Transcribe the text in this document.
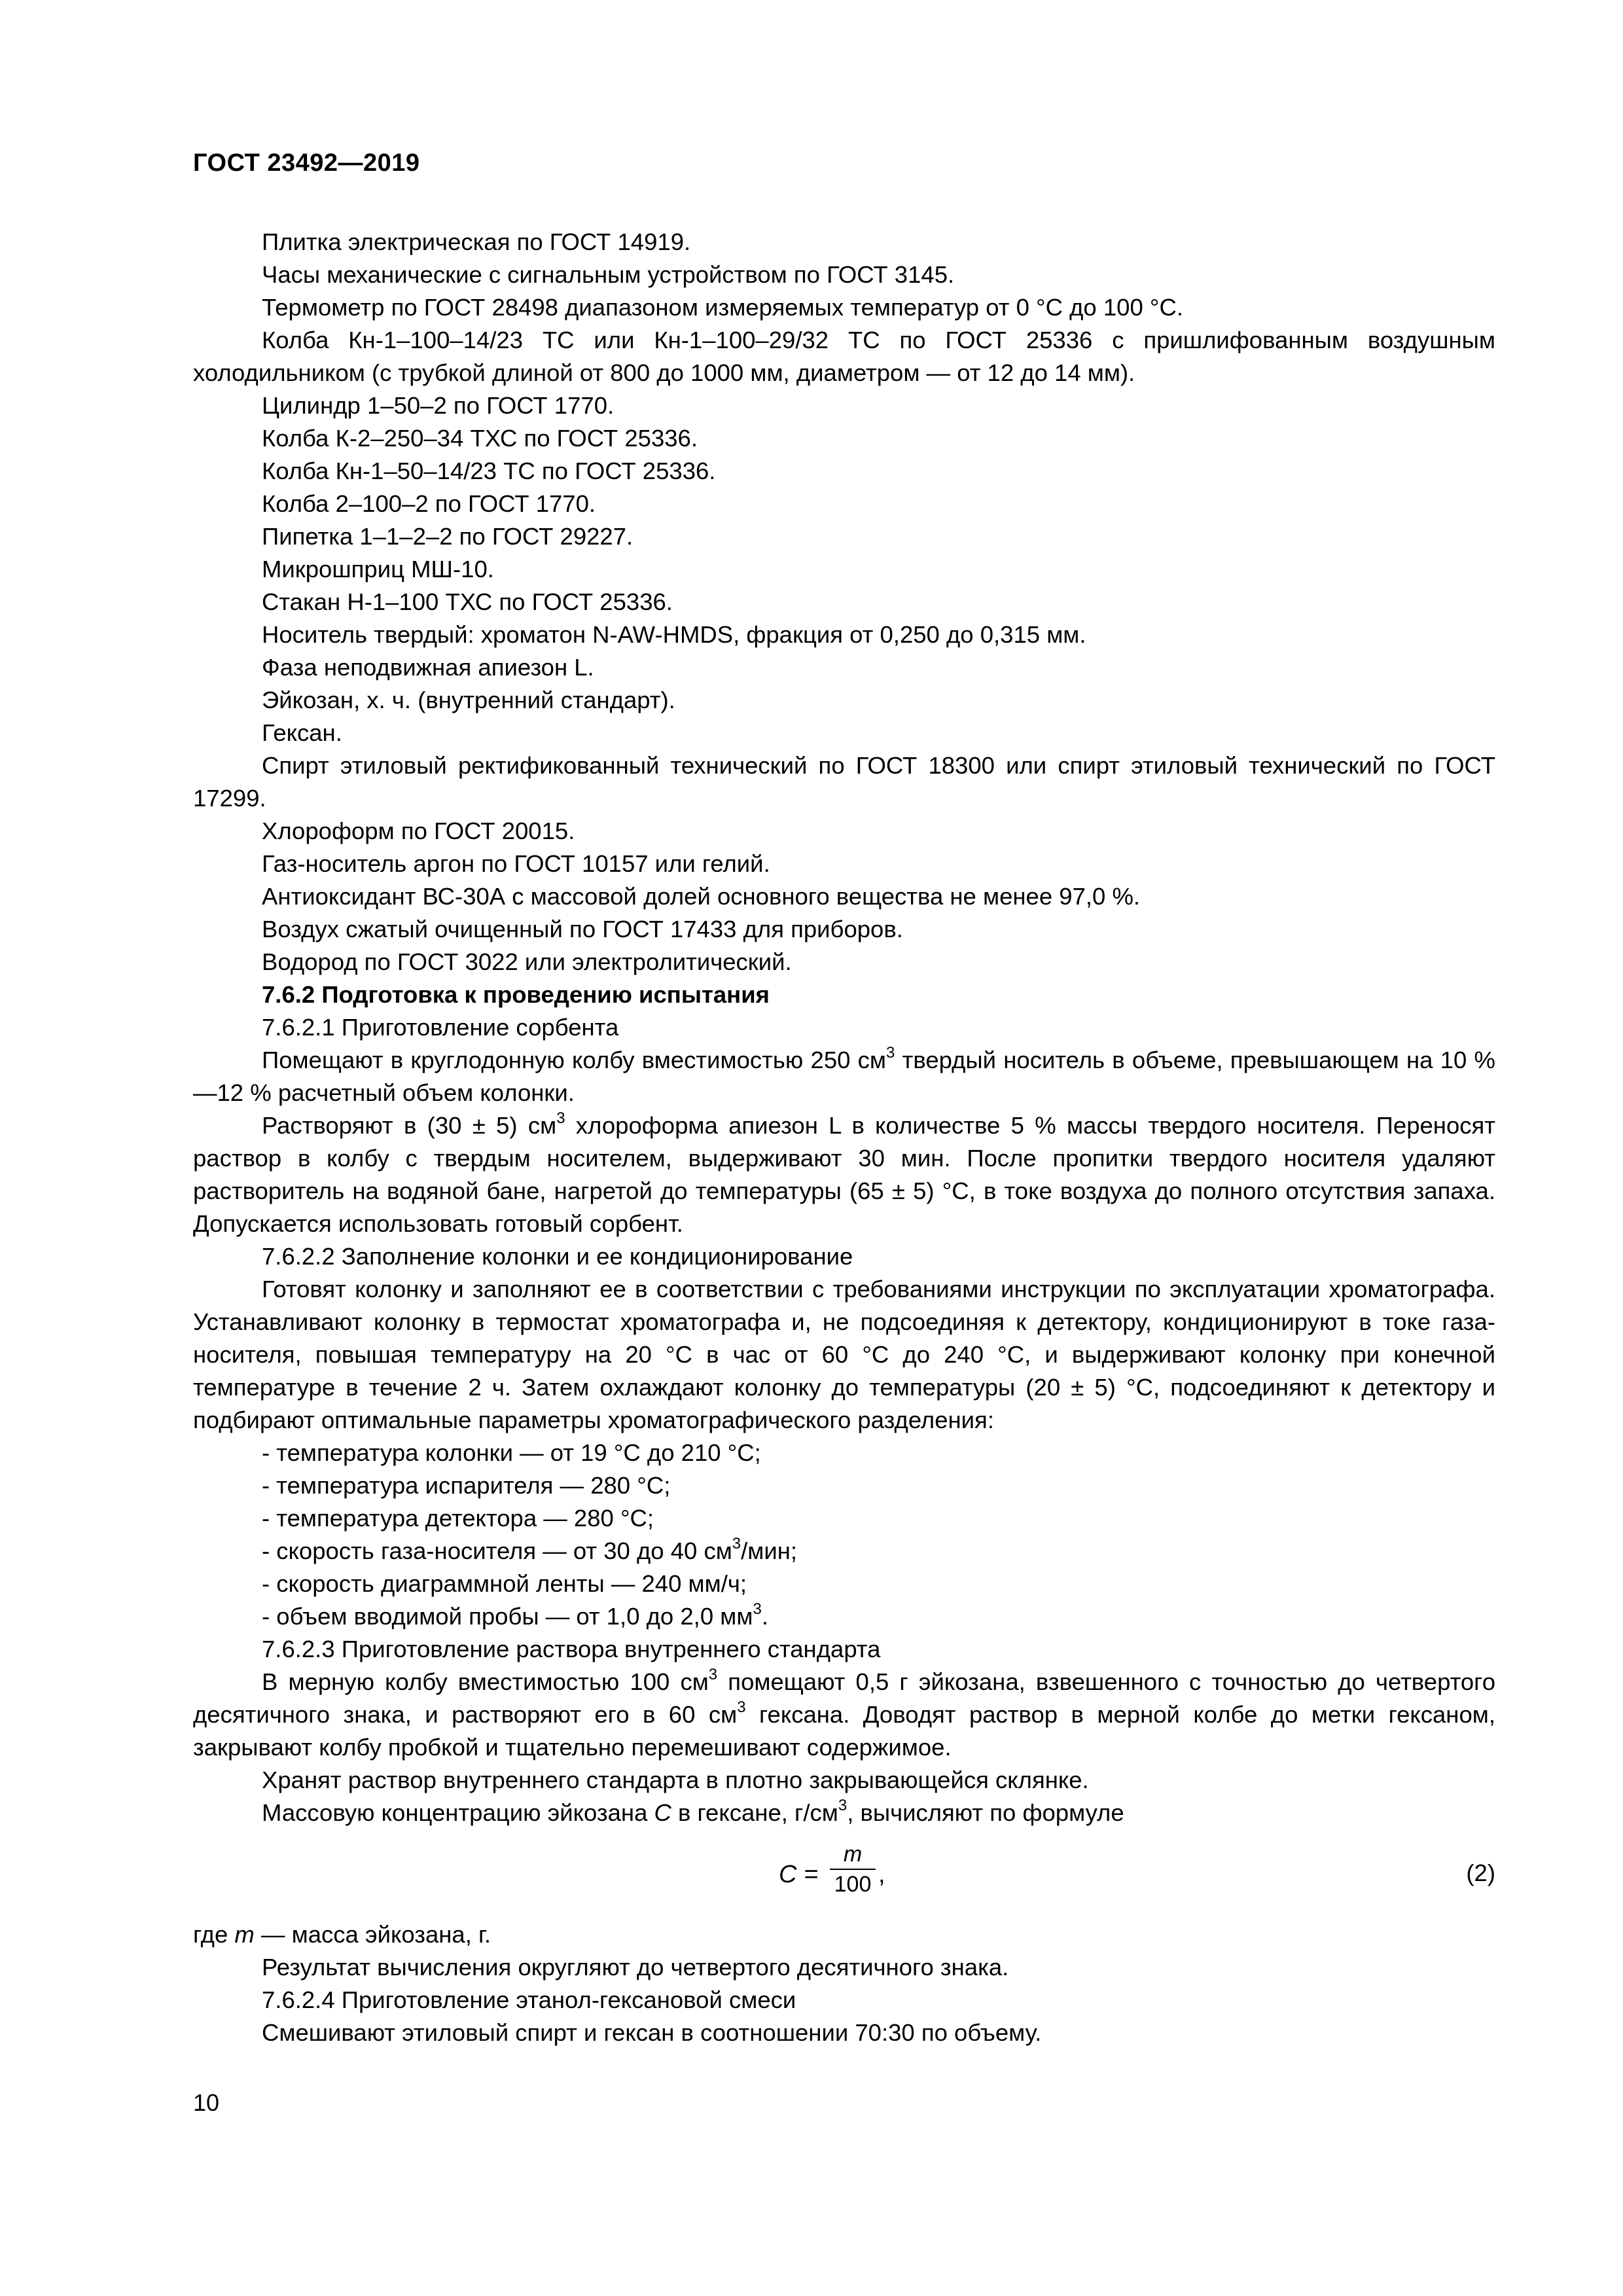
ГОСТ 23492—2019

Плитка электрическая по ГОСТ 14919.

Часы механические с сигнальным устройством по ГОСТ 3145.

Термометр по ГОСТ 28498 диапазоном измеряемых температур от 0 °С до 100 °С.

Колба Кн-1–100–14/23 ТС или Кн-1–100–29/32 ТС по ГОСТ 25336 с пришлифованным воздушным холодильником (с трубкой длиной от 800 до 1000 мм, диаметром — от 12 до 14 мм).

Цилиндр 1–50–2 по ГОСТ 1770.

Колба К-2–250–34 ТХС по ГОСТ 25336.

Колба Кн-1–50–14/23 ТС по ГОСТ 25336.

Колба 2–100–2 по ГОСТ 1770.

Пипетка 1–1–2–2 по ГОСТ 29227.

Микрошприц МШ-10.

Стакан Н-1–100 ТХС по ГОСТ 25336.

Носитель твердый: хроматон N-AW-HMDS, фракция от 0,250 до 0,315 мм.

Фаза неподвижная апиезон L.

Эйкозан, х. ч. (внутренний стандарт).

Гексан.

Спирт этиловый ректификованный технический по ГОСТ 18300 или спирт этиловый технический по ГОСТ 17299.

Хлороформ по ГОСТ 20015.

Газ-носитель аргон по ГОСТ 10157 или гелий.

Антиоксидант ВС-30А с массовой долей основного вещества не менее 97,0 %.

Воздух сжатый очищенный по ГОСТ 17433 для приборов.

Водород по ГОСТ 3022 или электролитический.

7.6.2 Подготовка к проведению испытания

7.6.2.1 Приготовление сорбента

Помещают в круглодонную колбу вместимостью 250 $см^3$ твердый носитель в объеме, превышающем на 10 %—12 % расчетный объем колонки.

Растворяют в (30 ± 5) $см^3$ хлороформа апиезон L в количестве 5 % массы твердого носителя. Переносят раствор в колбу с твердым носителем, выдерживают 30 мин. После пропитки твердого носителя удаляют растворитель на водяной бане, нагретой до температуры (65 ± 5) °С, в токе воздуха до полного отсутствия запаха. Допускается использовать готовый сорбент.

7.6.2.2 Заполнение колонки и ее кондиционирование

Готовят колонку и заполняют ее в соответствии с требованиями инструкции по эксплуатации хроматографа. Устанавливают колонку в термостат хроматографа и, не подсоединяя к детектору, кондиционируют в токе газа-носителя, повышая температуру на 20 °С в час от 60 °С до 240 °С, и выдерживают колонку при конечной температуре в течение 2 ч. Затем охлаждают колонку до температуры (20 ± 5) °С, подсоединяют к детектору и подбирают оптимальные параметры хроматографического разделения:

- температура колонки — от 19 °С до 210 °С;

- температура испарителя — 280 °С;

- температура детектора — 280 °С;

- скорость газа-носителя — от 30 до 40 $см^3$/мин;

- скорость диаграммной ленты — 240 мм/ч;

- объем вводимой пробы — от 1,0 до 2,0 $мм^3$.

7.6.2.3 Приготовление раствора внутреннего стандарта

В мерную колбу вместимостью 100 $см^3$ помещают 0,5 г эйкозана, взвешенного с точностью до четвертого десятичного знака, и растворяют его в 60 $см^3$ гексана. Доводят раствор в мерной колбе до метки гексаном, закрывают колбу пробкой и тщательно перемешивают содержимое.

Хранят раствор внутреннего стандарта в плотно закрывающейся склянке.

Массовую концентрацию эйкозана С в гексане, $г/см^3$, вычисляют по формуле

С =
m
100 ,	(2)

где m — масса эйкозана, г.

Результат вычисления округляют до четвертого десятичного знака.

7.6.2.4 Приготовление этанол-гексановой смеси

Смешивают этиловый спирт и гексан в соотношении 70:30 по объему.

10
